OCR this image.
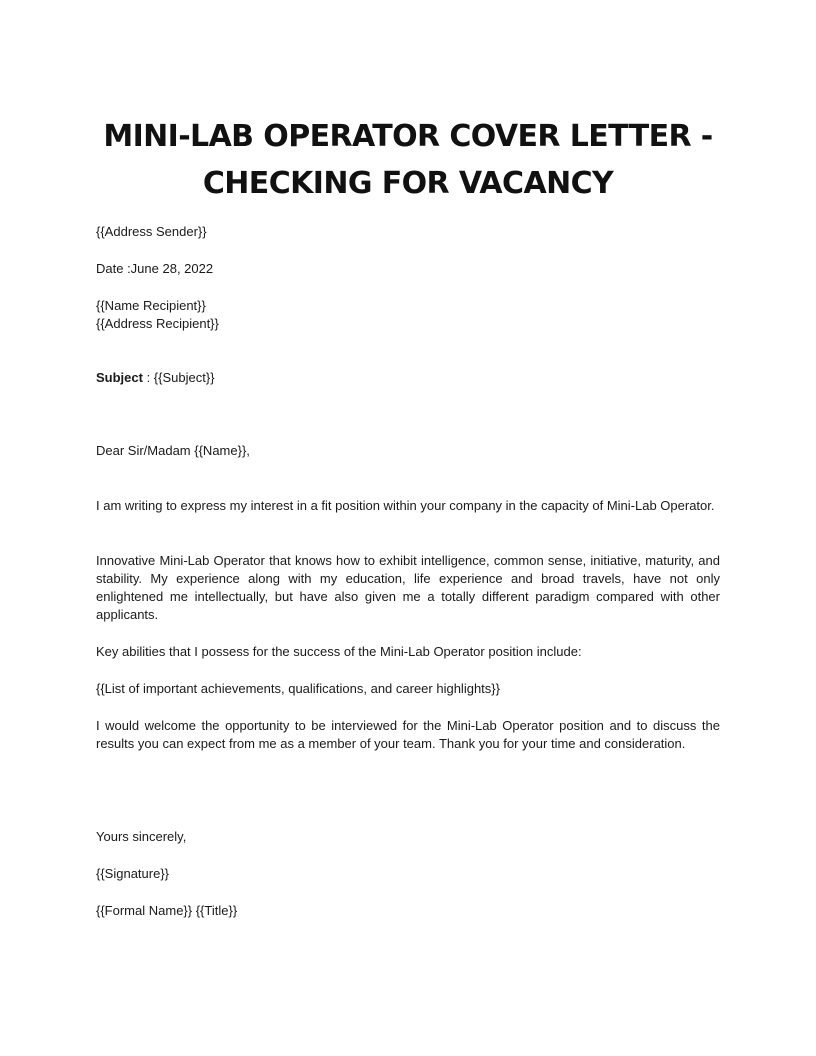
MINI-LAB OPERATOR COVER LETTER -
CHECKING FOR VACANCY
{{Address Sender}}
Date :June 28, 2022
{{Name Recipient}}
{{Address Recipient}}
Subject : {{Subject}}
Dear Sir/Madam {{Name}},
I am writing to express my interest in a fit position within your company in the capacity of Mini-Lab Operator.
Innovative Mini-Lab Operator that knows how to exhibit intelligence, common sense, initiative, maturity, and stability. My experience along with my education, life experience and broad travels, have not only enlightened me intellectually, but have also given me a totally different paradigm compared with other applicants.
Key abilities that I possess for the success of the Mini-Lab Operator position include:
{{List of important achievements, qualifications, and career highlights}}
I would welcome the opportunity to be interviewed for the Mini-Lab Operator position and to discuss the results you can expect from me as a member of your team. Thank you for your time and consideration.
Yours sincerely,
{{Signature}}
{{Formal Name}} {{Title}}
